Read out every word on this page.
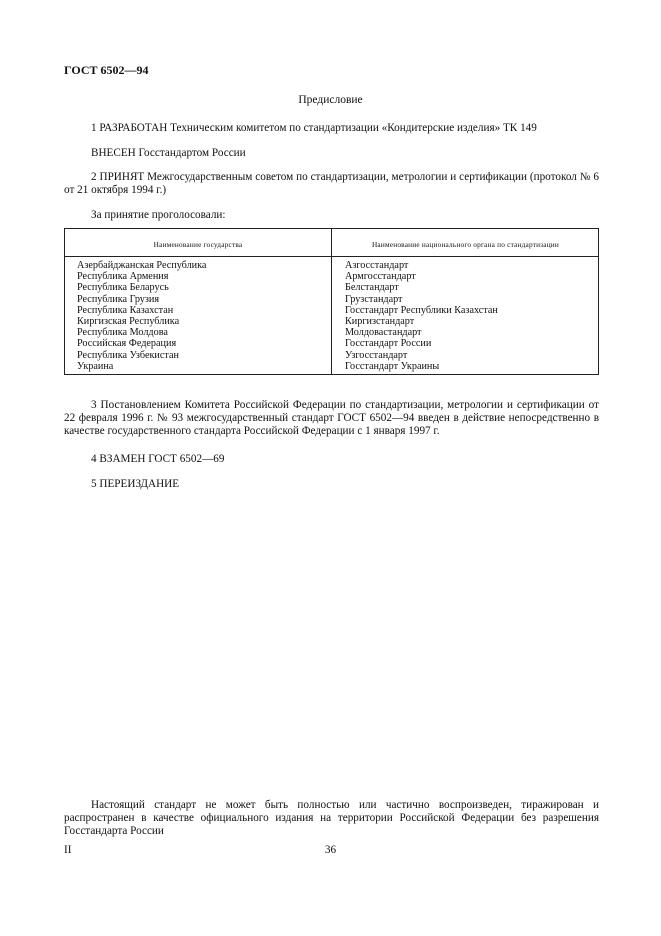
ГОСТ 6502—94
Предисловие
1 РАЗРАБОТАН Техническим комитетом по стандартизации «Кондитерские изделия» ТК 149
ВНЕСЕН Госстандартом России
2 ПРИНЯТ Межгосударственным советом по стандартизации, метрологии и сертификации (протокол № 6 от 21 октября 1994 г.)
За принятие проголосовали:
Наименование государства	Наименование национального органа по стандартизации
Азербайджанская Республика
Республика Армения
Республика Беларусь
Республика Грузия
Республика Казахстан
Киргизская Республика
Республика Молдова
Российская Федерация
Республика Узбекистан
Украина
Азгосстандарт
Армгосстандарт
Белстандарт
Грузстандарт
Госстандарт Республики Казахстан
Киргизстандарт
Молдовастандарт
Госстандарт России
Узгосстандарт
Госстандарт Украины
3 Постановлением Комитета Российской Федерации по стандартизации, метрологии и сертификации от 22 февраля 1996 г. № 93 межгосударственный стандарт ГОСТ 6502—94 введен в действие непосредственно в качестве государственного стандарта Российской Федерации с 1 января 1997 г.
4 ВЗАМЕН ГОСТ 6502—69
5 ПЕРЕИЗДАНИЕ
Настоящий стандарт не может быть полностью или частично воспроизведен, тиражирован и распространен в качестве официального издания на территории Российской Федерации без разрешения Госстандарта России
II	36
